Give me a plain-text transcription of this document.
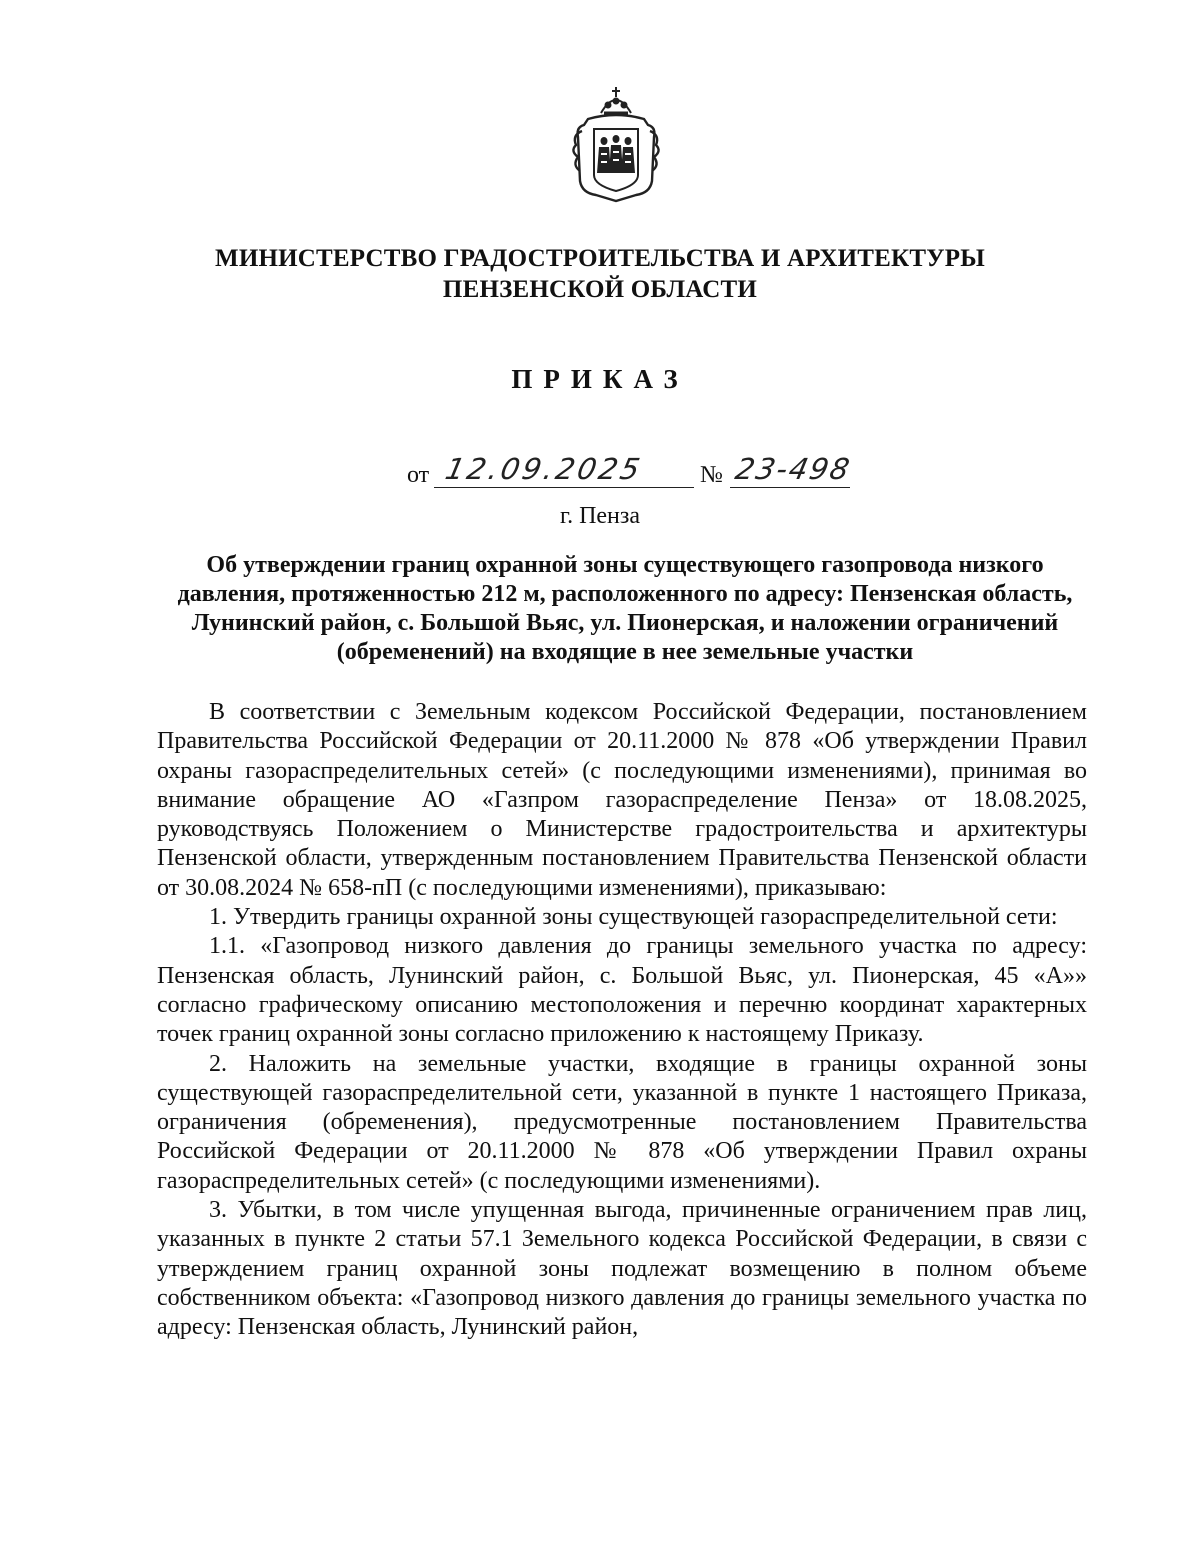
МИНИСТЕРСТВО ГРАДОСТРОИТЕЛЬСТВА И АРХИТЕКТУРЫ
ПЕНЗЕНСКОЙ ОБЛАСТИ
ПРИКАЗ
от 12.09.2025 № 23-498
г. Пенза
Об утверждении границ охранной зоны существующего газопровода низкого давления, протяженностью 212 м, расположенного по адресу: Пензенская область, Лунинский район, с. Большой Вьяс, ул. Пионерская, и наложении ограничений (обременений) на входящие в нее земельные участки

В соответствии с Земельным кодексом Российской Федерации, постановлением Правительства Российской Федерации от 20.11.2000 № 878 «Об утверждении Правил охраны газораспределительных сетей» (с последующими изменениями), принимая во внимание обращение АО «Газпром газораспределение Пенза» от 18.08.2025, руководствуясь Положением о Министерстве градостроительства и архитектуры Пензенской области, утвержденным постановлением Правительства Пензенской области от 30.08.2024 № 658-пП (с последующими изменениями), приказываю:

1. Утвердить границы охранной зоны существующей газораспределительной сети:

1.1. «Газопровод низкого давления до границы земельного участка по адресу: Пензенская область, Лунинский район, с. Большой Вьяс, ул. Пионерская, 45 «А»» согласно графическому описанию местоположения и перечню координат характерных точек границ охранной зоны согласно приложению к настоящему Приказу.

2. Наложить на земельные участки, входящие в границы охранной зоны существующей газораспределительной сети, указанной в пункте 1 настоящего Приказа, ограничения (обременения), предусмотренные постановлением Правительства Российской Федерации от 20.11.2000 № 878 «Об утверждении Правил охраны газораспределительных сетей» (с последующими изменениями).

3. Убытки, в том числе упущенная выгода, причиненные ограничением прав лиц, указанных в пункте 2 статьи 57.1 Земельного кодекса Российской Федерации, в связи с утверждением границ охранной зоны подлежат возмещению в полном объеме собственником объекта: «Газопровод низкого давления до границы земельного участка по адресу: Пензенская область, Лунинский район,
